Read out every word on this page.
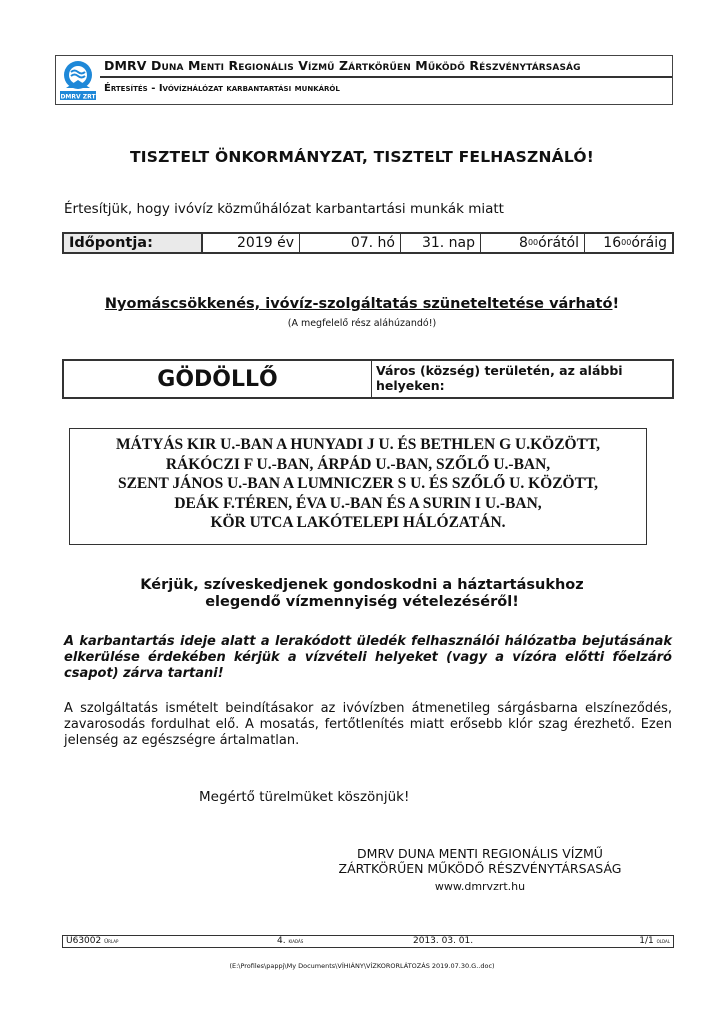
DMRV ZRT
DMRV Duna Menti Regionális Vízmű Zártkörűen Működő Részvénytársaság
Értesítés - Ivóvízhálózat karbantartási munkáról
TISZTELT ÖNKORMÁNYZAT, TISZTELT FELHASZNÁLÓ!
Értesítjük, hogy ivóvíz közműhálózat karbantartási munkák miatt
Időpontja:	2019 év	07. hó	31. nap	$8^{00}$ órától $16^{00}$ óráig
Nyomáscsökkenés, ivóvíz-szolgáltatás szüneteltetése várható!
(A megfelelő rész aláhúzandó!)
GÖDÖLLŐ	Város (község) területén, az alábbi helyeken:
MÁTYÁS KIR U.-BAN A HUNYADI J U. ÉS BETHLEN G U.KÖZÖTT,
RÁKÓCZI F U.-BAN, ÁRPÁD U.-BAN, SZŐLŐ U.-BAN,
SZENT JÁNOS U.-BAN A LUMNICZER S U. ÉS SZŐLŐ U. KÖZÖTT,
DEÁK F.TÉREN, ÉVA U.-BAN ÉS A SURIN I U.-BAN,
KÖR UTCA LAKÓTELEPI HÁLÓZATÁN.
Kérjük, szíveskedjenek gondoskodni a háztartásukhoz
elegendő vízmennyiség vételezéséről!
A karbantartás ideje alatt a lerakódott üledék felhasználói hálózatba bejutásának elkerülése érdekében kérjük a vízvételi helyeket (vagy a vízóra előtti főelzáró csapot) zárva tartani!
A szolgáltatás ismételt beindításakor az ivóvízben átmenetileg sárgásbarna elszíneződés, zavarosodás fordulhat elő. A mosatás, fertőtlenítés miatt erősebb klór szag érezhető. Ezen jelenség az egészségre ártalmatlan.
Megértő türelmüket köszönjük!
DMRV DUNA MENTI REGIONÁLIS VÍZMŰ
ZÁRTKÖRŰEN MŰKÖDŐ RÉSZVÉNYTÁRSASÁG
www.dmrvzrt.hu
U63002 Űrlap	4. kiadás	2013. 03. 01.	1/1 oldal
(E:\Profiles\pappj\My Documents\VÍHIÁNY\VÍZKORORLÁTOZÁS 2019.07.30.G..doc)
